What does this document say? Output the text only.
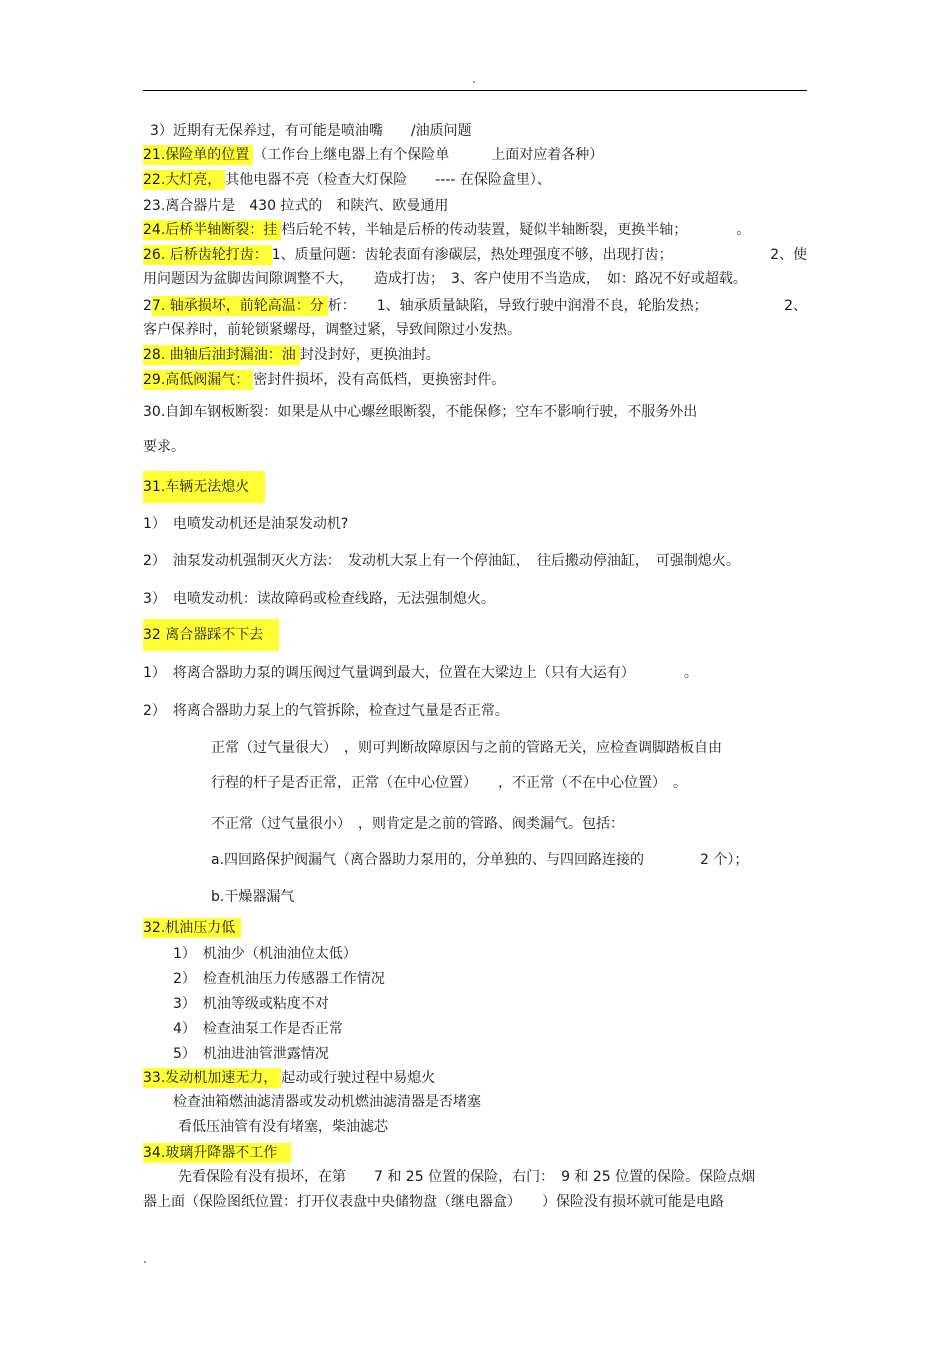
.
3）近期有无保养过，有可能是喷油嘴　　/油质问题
21.保险单的位置 （工作台上继电器上有个保险单　　　上面对应着各种）
22.大灯亮， 其他电器不亮（检查大灯保险　　---- 在保险盒里）、
23.离合器片是　430 拉式的　和陕汽、欧曼通用
24.后桥半轴断裂：挂 档后轮不转，半轴是后桥的传动装置，疑似半轴断裂，更换半轴；　　　　。
26. 后桥齿轮打齿： 1、质量问题：齿轮表面有渗碳层，热处理强度不够，出现打齿；	2、使
用问题因为盆脚齿间隙调整不大，　　造成打齿；　3、客户使用不当造成，　如：路况不好或超载。
27. 轴承损坏，前轮高温：分 析：　　1、轴承质量缺陷，导致行驶中润滑不良，轮胎发热；	2、
客户保养时，前轮锁紧螺母，调整过紧，导致间隙过小发热。
28. 曲轴后油封漏油：油 封没封好，更换油封。
29.高低阀漏气： 密封件损坏，没有高低档，更换密封件。
30.自卸车钢板断裂：如果是从中心螺丝眼断裂，不能保修；空车不影响行驶，不服务外出
要求。
31.车辆无法熄火
1）　电喷发动机还是油泵发动机?
2）　油泵发动机强制灭火方法：　发动机大泵上有一个停油缸，　往后搬动停油缸，　可强制熄火。
3）　电喷发动机：读故障码或检查线路，无法强制熄火。
32 离合器踩不下去
1）　将离合器助力泵的调压阀过气量调到最大，位置在大梁边上（只有大运有）　　　　。
2）　将离合器助力泵上的气管拆除，检查过气量是否正常。
正常（过气量很大）　，则可判断故障原因与之前的管路无关，应检查调脚踏板自由
行程的杆子是否正常，正常（在中心位置）　　，不正常（不在中心位置）　。
不正常（过气量很小）　，则肯定是之前的管路、阀类漏气。包括：
a.四回路保护阀漏气（离合器助力泵用的，分单独的、与四回路连接的　　　　2 个）；
b.干燥器漏气
32.机油压力低
1）　机油少（机油油位太低）
2）　检查机油压力传感器工作情况
3）　机油等级或粘度不对
4）　检查油泵工作是否正常
5）　机油进油管泄露情况
33.发动机加速无力， 起动或行驶过程中易熄火
检查油箱燃油滤清器或发动机燃油滤清器是否堵塞
看低压油管有没有堵塞，柴油滤芯
34.玻璃升降器不工作
先看保险有没有损坏，在第　　7 和 25 位置的保险，右门：　9 和 25 位置的保险。保险点烟
器上面（保险图纸位置：打开仪表盘中央储物盘（继电器盒）　　）保险没有损坏就可能是电路
.
